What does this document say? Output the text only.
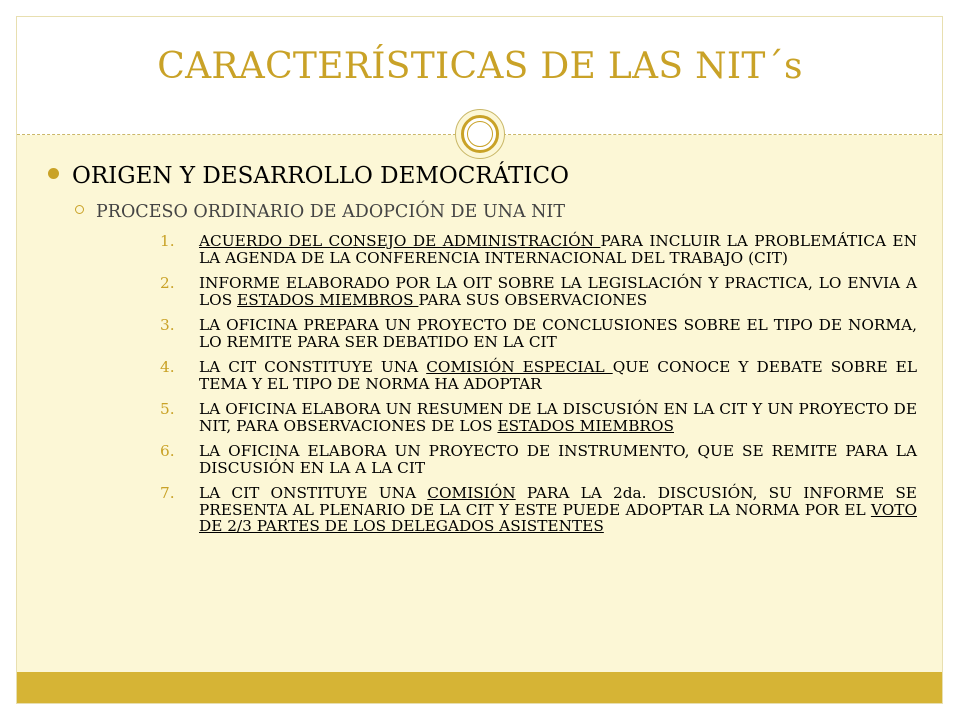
CARACTERÍSTICAS DE LAS NIT´s
ORIGEN Y DESARROLLO DEMOCRÁTICO
PROCESO ORDINARIO DE ADOPCIÓN DE UNA NIT
1. ACUERDO DEL CONSEJO DE ADMINISTRACIÓN PARA INCLUIR LA PROBLEMÁTICA EN LA AGENDA DE LA CONFERENCIA INTERNACIONAL DEL TRABAJO (CIT)
2. INFORME ELABORADO POR LA OIT SOBRE LA LEGISLACIÓN Y PRACTICA, LO ENVIA A LOS ESTADOS MIEMBROS PARA SUS OBSERVACIONES
3. LA OFICINA PREPARA UN PROYECTO DE CONCLUSIONES SOBRE EL TIPO DE NORMA, LO REMITE PARA SER DEBATIDO EN LA CIT
4. LA CIT CONSTITUYE UNA COMISIÓN ESPECIAL QUE CONOCE Y DEBATE SOBRE EL TEMA Y EL TIPO DE NORMA HA ADOPTAR
5. LA OFICINA ELABORA UN RESUMEN DE LA DISCUSIÓN EN LA CIT Y UN PROYECTO DE NIT, PARA OBSERVACIONES DE LOS ESTADOS MIEMBROS
6. LA OFICINA ELABORA UN PROYECTO DE INSTRUMENTO, QUE SE REMITE PARA LA DISCUSIÓN EN LA A LA CIT
7. LA CIT ONSTITUYE UNA COMISIÓN PARA LA 2da. DISCUSIÓN, SU INFORME SE PRESENTA AL PLENARIO DE LA CIT Y ESTE PUEDE ADOPTAR LA NORMA POR EL VOTO DE 2/3 PARTES DE LOS DELEGADOS ASISTENTES
